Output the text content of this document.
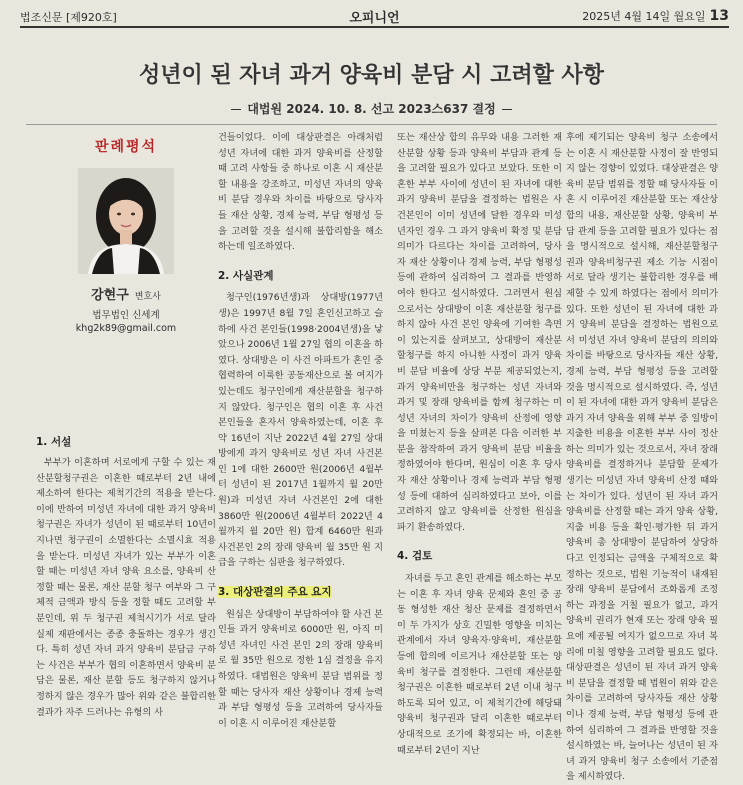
법조신문 [제920호]	오피니언	2025년 4월 14일 월요일 13
성년이 된 자녀 과거 양육비 분담 시 고려할 사항
대법원 2024. 10. 8. 선고 2023스637 결정
판례평석
강현구 변호사
법무법인 신세계
khg2k89@gmail.com
1. 서설

부부가 이혼하며 서로에게 구할 수 있는 재산분할청구권은 이혼한 때로부터 2년 내에 제소하여 한다는 제척기간의 적용을 받는다. 이에 반하여 미성년 자녀에 대한 과거 양육비 청구권은 자녀가 성년이 된 때로부터 10년이 지나면 청구권이 소멸한다는 소멸시효 적용을 받는다. 미성년 자녀가 있는 부부가 이혼할 때는 미성년 자녀 양육 요소를, 양육비 산정할 때는 물론, 재산 분할 청구 여부와 그 구체적 금액과 방식 등을 정할 때도 고려할 부분인데, 위 두 청구권 제척시기가 서로 달라 실제 재판에서는 종종 충돌하는 경우가 생긴다. 특히 성년 자녀 과거 양육비 분담금 구하는 사건은 부부가 협의 이혼하면서 양육비 분담은 물론, 재산 분할 등도 청구하지 않거나 정하지 않은 경우가 많아 위와 같은 불합리한 결과가 자주 드러나는 유형의 사

건들이었다. 이에 대상판결은 아래처럼 성년 자녀에 대한 과거 양육비를 산정할 때 고려 사항들 중 하나로 이혼 시 재산분할 내용을 강조하고, 미성년 자녀의 양육비 분담 경우와 차이를 바탕으로 당사자들 재산 상황, 경제 능력, 부담 형평성 등을 고려할 것을 설시해 불합리함을 해소하는데 일조하였다.

2. 사실관계

청구인(1976년생)과 상대방(1977년생)은 1997년 8월 7일 혼인신고하고 슬하에 사건 본인들(1998·2004년생)을 낳았으나 2006년 1월 27일 협의 이혼을 하였다. 상대방은 이 사건 아파트가 혼인 중 협력하여 이룩한 공동재산으로 볼 여지가 있는데도 청구인에게 재산분할을 청구하지 않았다. 청구인은 협의 이혼 후 사건 본인들을 혼자서 양육하였는데, 이혼 후 약 16년이 지난 2022년 4월 27일 상대방에게 과거 양육비로 성년 자녀 사건본인 1에 대한 2600만 원(2006년 4월부터 성년이 된 2017년 1월까지 월 20만 원)과 미성년 자녀 사건본인 2에 대한 3860만 원(2006년 4월부터 2022년 4월까지 월 20만 원) 합계 6460만 원과 사건본인 2의 장래 양육비 월 35만 원 지급을 구하는 심판을 청구하였다.

3. 대상판결의 주요 요지

원심은 상대방이 부담하여야 할 사건 본인들 과거 양육비로 6000만 원, 아직 미성년 자녀인 사건 본인 2의 장래 양육비로 월 35만 원으로 정한 1심 결정을 유지하였다. 대법원은 양육비 분담 범위를 정할 때는 당사자 재산 상황이나 경제 능력과 부담 형평성 등을 고려하여 당사자들이 이혼 시 이루어진 재산분할

또는 재산상 합의 유무와 내용 그러한 재산분할 상황 등과 양육비 부담과 관계 등을 고려할 필요가 있다고 보았다. 또한 이혼한 부부 사이에 성년이 된 자녀에 대한 과거 양육비 분담을 결정하는 법원은 사건본인이 이미 성년에 달한 경우와 미성년자인 경우 그 과거 양육비 확정 및 분담 의미가 다르다는 차이를 고려하여, 당사자 재산 상황이나 경제 능력, 부담 형평성 등에 관하여 심리하여 그 결과를 반영하여야 한다고 설시하였다. 그러면서 원심으로서는 상대방이 이혼 재산분할 청구를 하지 않아 사건 본인 양육에 기여한 측면이 있는지를 살펴보고, 상대방이 재산분할청구를 하지 아니한 사정이 과거 양육비 분담 비율에 상당 부분 제공되었는지, 과거 양육비만을 청구하는 성년 자녀와 과거 및 장래 양육비를 함께 청구하는 미성년 자녀의 차이가 양육비 산정에 영향을 미쳤는지 등을 살펴본 다음 이러한 부분을 참작하여 과거 양육비 분담 비율을 정하였어야 한다며, 원심이 이혼 후 당사자 재산 상황이나 경제 능력과 부담 형평성 등에 대하여 심리하였다고 보아, 이를 고려하지 않고 양육비를 산정한 원심을 파기 환송하였다.

4. 검토

자녀를 두고 혼인 관계를 해소하는 부모는 이혼 후 자녀 양육 문제와 혼인 중 공동 형성한 재산 청산 문제를 결정하면서 이 두 가지가 상호 긴밀한 영향을 미치는 관계에서 자녀 양육자·양육비, 재산분할 등에 합의에 이르거나 재산분할 또는 양육비 청구를 결정한다. 그런데 재산분할청구권은 이혼한 때로부터 2년 이내 청구하도록 되어 있고, 이 제척기간에 해당돼 양육비 청구권과 달리 이혼한 때로부터 상대적으로 조기에 확정되는 바, 이혼한 때로부터 2년이 지난

후에 제기되는 양육비 청구 소송에서는 이혼 시 재산분할 사정이 잘 반영되지 않는 경향이 있었다. 대상판결은 양육비 분담 범위를 정할 때 당사자들 이혼 시 이루어진 재산분할 또는 재산상 합의 내용, 재산분할 상황, 양육비 부담 관계 등을 고려할 필요가 있다는 점을 명시적으로 설시해, 재산분할청구권과 양육비청구권 제소 기능 시점이 서로 달라 생기는 불합리한 경우를 배제할 수 있게 하였다는 점에서 의미가 있다. 또한 성년이 된 자녀에 대한 과거 양육비 분담을 결정하는 법원으로서 미성년 자녀 양육비 분담의 의의와 차이를 바탕으로 당사자들 재산 상황, 경제 능력, 부담 형평성 등을 고려할 것을 명시적으로 설시하였다. 즉, 성년이 된 자녀에 대한 과거 양육비 분담은 과거 자녀 양육을 위해 부부 중 일방이 지출한 비용을 이혼한 부부 사이 정산하는 의미가 있는 것으로서, 자녀 장래 양육비를 결정하거나 분담할 문제가 생기는 미성년 자녀 양육비 산정 때와는 차이가 있다. 성년이 된 자녀 과거 양육비를 산정할 때는 과거 양육 상황, 지출 비용 등을 확인·평가한 뒤 과거 양육비 총 상대방이 분담하여 상당하다고 인정되는 금액을 구체적으로 확정하는 것으로, 법원 기능적이 내재된 장래 양육비 분담에서 조화롭게 조정하는 과정을 거칠 필요가 없고, 과거 양육비 권리가 현재 또는 장래 양육 필요에 제공될 여지가 없으므로 자녀 복리에 미칠 영향을 고려할 필요도 없다. 대상판결은 성년이 된 자녀 과거 양육비 분담을 결정할 때 법원이 위와 같은 차이를 고려하여 당사자들 재산 상황이나 경제 능력, 부담 형평성 등에 관하여 심리하여 그 결과를 반영할 것을 설시하였는 바, 늘어나는 성년이 된 자녀 과거 양육비 청구 소송에서 기준점을 제시하였다.
